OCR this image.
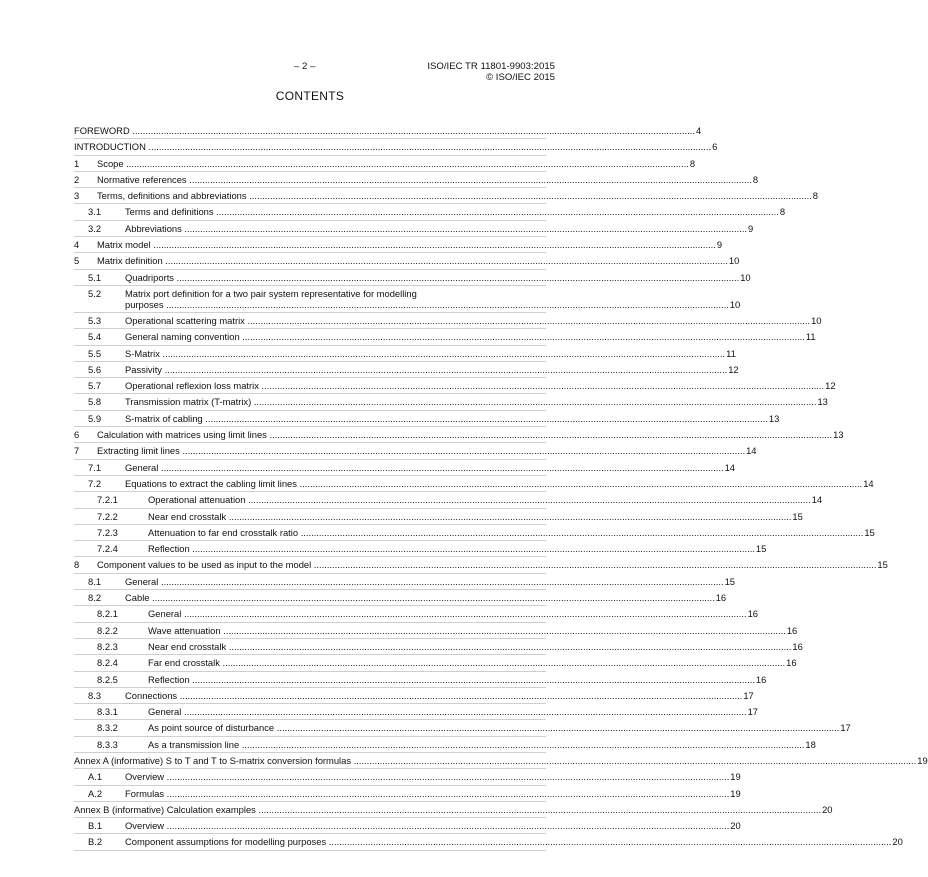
– 2 –	ISO/IEC TR 11801-9903:2015
© ISO/IEC 2015
CONTENTS
FOREWORD .....	4
INTRODUCTION .....	6
1	Scope .....	8
2	Normative references .....	8
3	Terms, definitions and abbreviations .....	8
3.1	Terms and definitions .....	8
3.2	Abbreviations .....	9
4	Matrix model .....	9
5	Matrix definition .....	10
5.1	Quadriports .....	10
5.2	Matrix port definition for a two pair system representative for modelling
purposes .....	10
5.3	Operational scattering matrix .....	10
5.4	General naming convention .....	11
5.5	S-Matrix .....	11
5.6	Passivity .....	12
5.7	Operational reflexion loss matrix .....	12
5.8	Transmission matrix (T-matrix) .....	13
5.9	S-matrix of cabling .....	13
6	Calculation with matrices using limit lines .....	13
7	Extracting limit lines .....	14
7.1	General .....	14
7.2	Equations to extract the cabling limit lines .....	14
7.2.1	Operational attenuation .....	14
7.2.2	Near end crosstalk .....	15
7.2.3	Attenuation to far end crosstalk ratio .....	15
7.2.4	Reflection .....	15
8	Component values to be used as input to the model .....	15
8.1	General .....	15
8.2	Cable .....	16
8.2.1	General .....	16
8.2.2	Wave attenuation .....	16
8.2.3	Near end crosstalk .....	16
8.2.4	Far end crosstalk .....	16
8.2.5	Reflection .....	16
8.3	Connections .....	17
8.3.1	General .....	17
8.3.2	As point source of disturbance .....	17
8.3.3	As a transmission line .....	18
Annex A (informative) S to T and T to S-matrix conversion formulas .....	19
A.1	Overview .....	19
A.2	Formulas .....	19
Annex B (informative) Calculation examples .....	20
B.1	Overview .....	20
B.2	Component assumptions for modelling purposes .....	20
